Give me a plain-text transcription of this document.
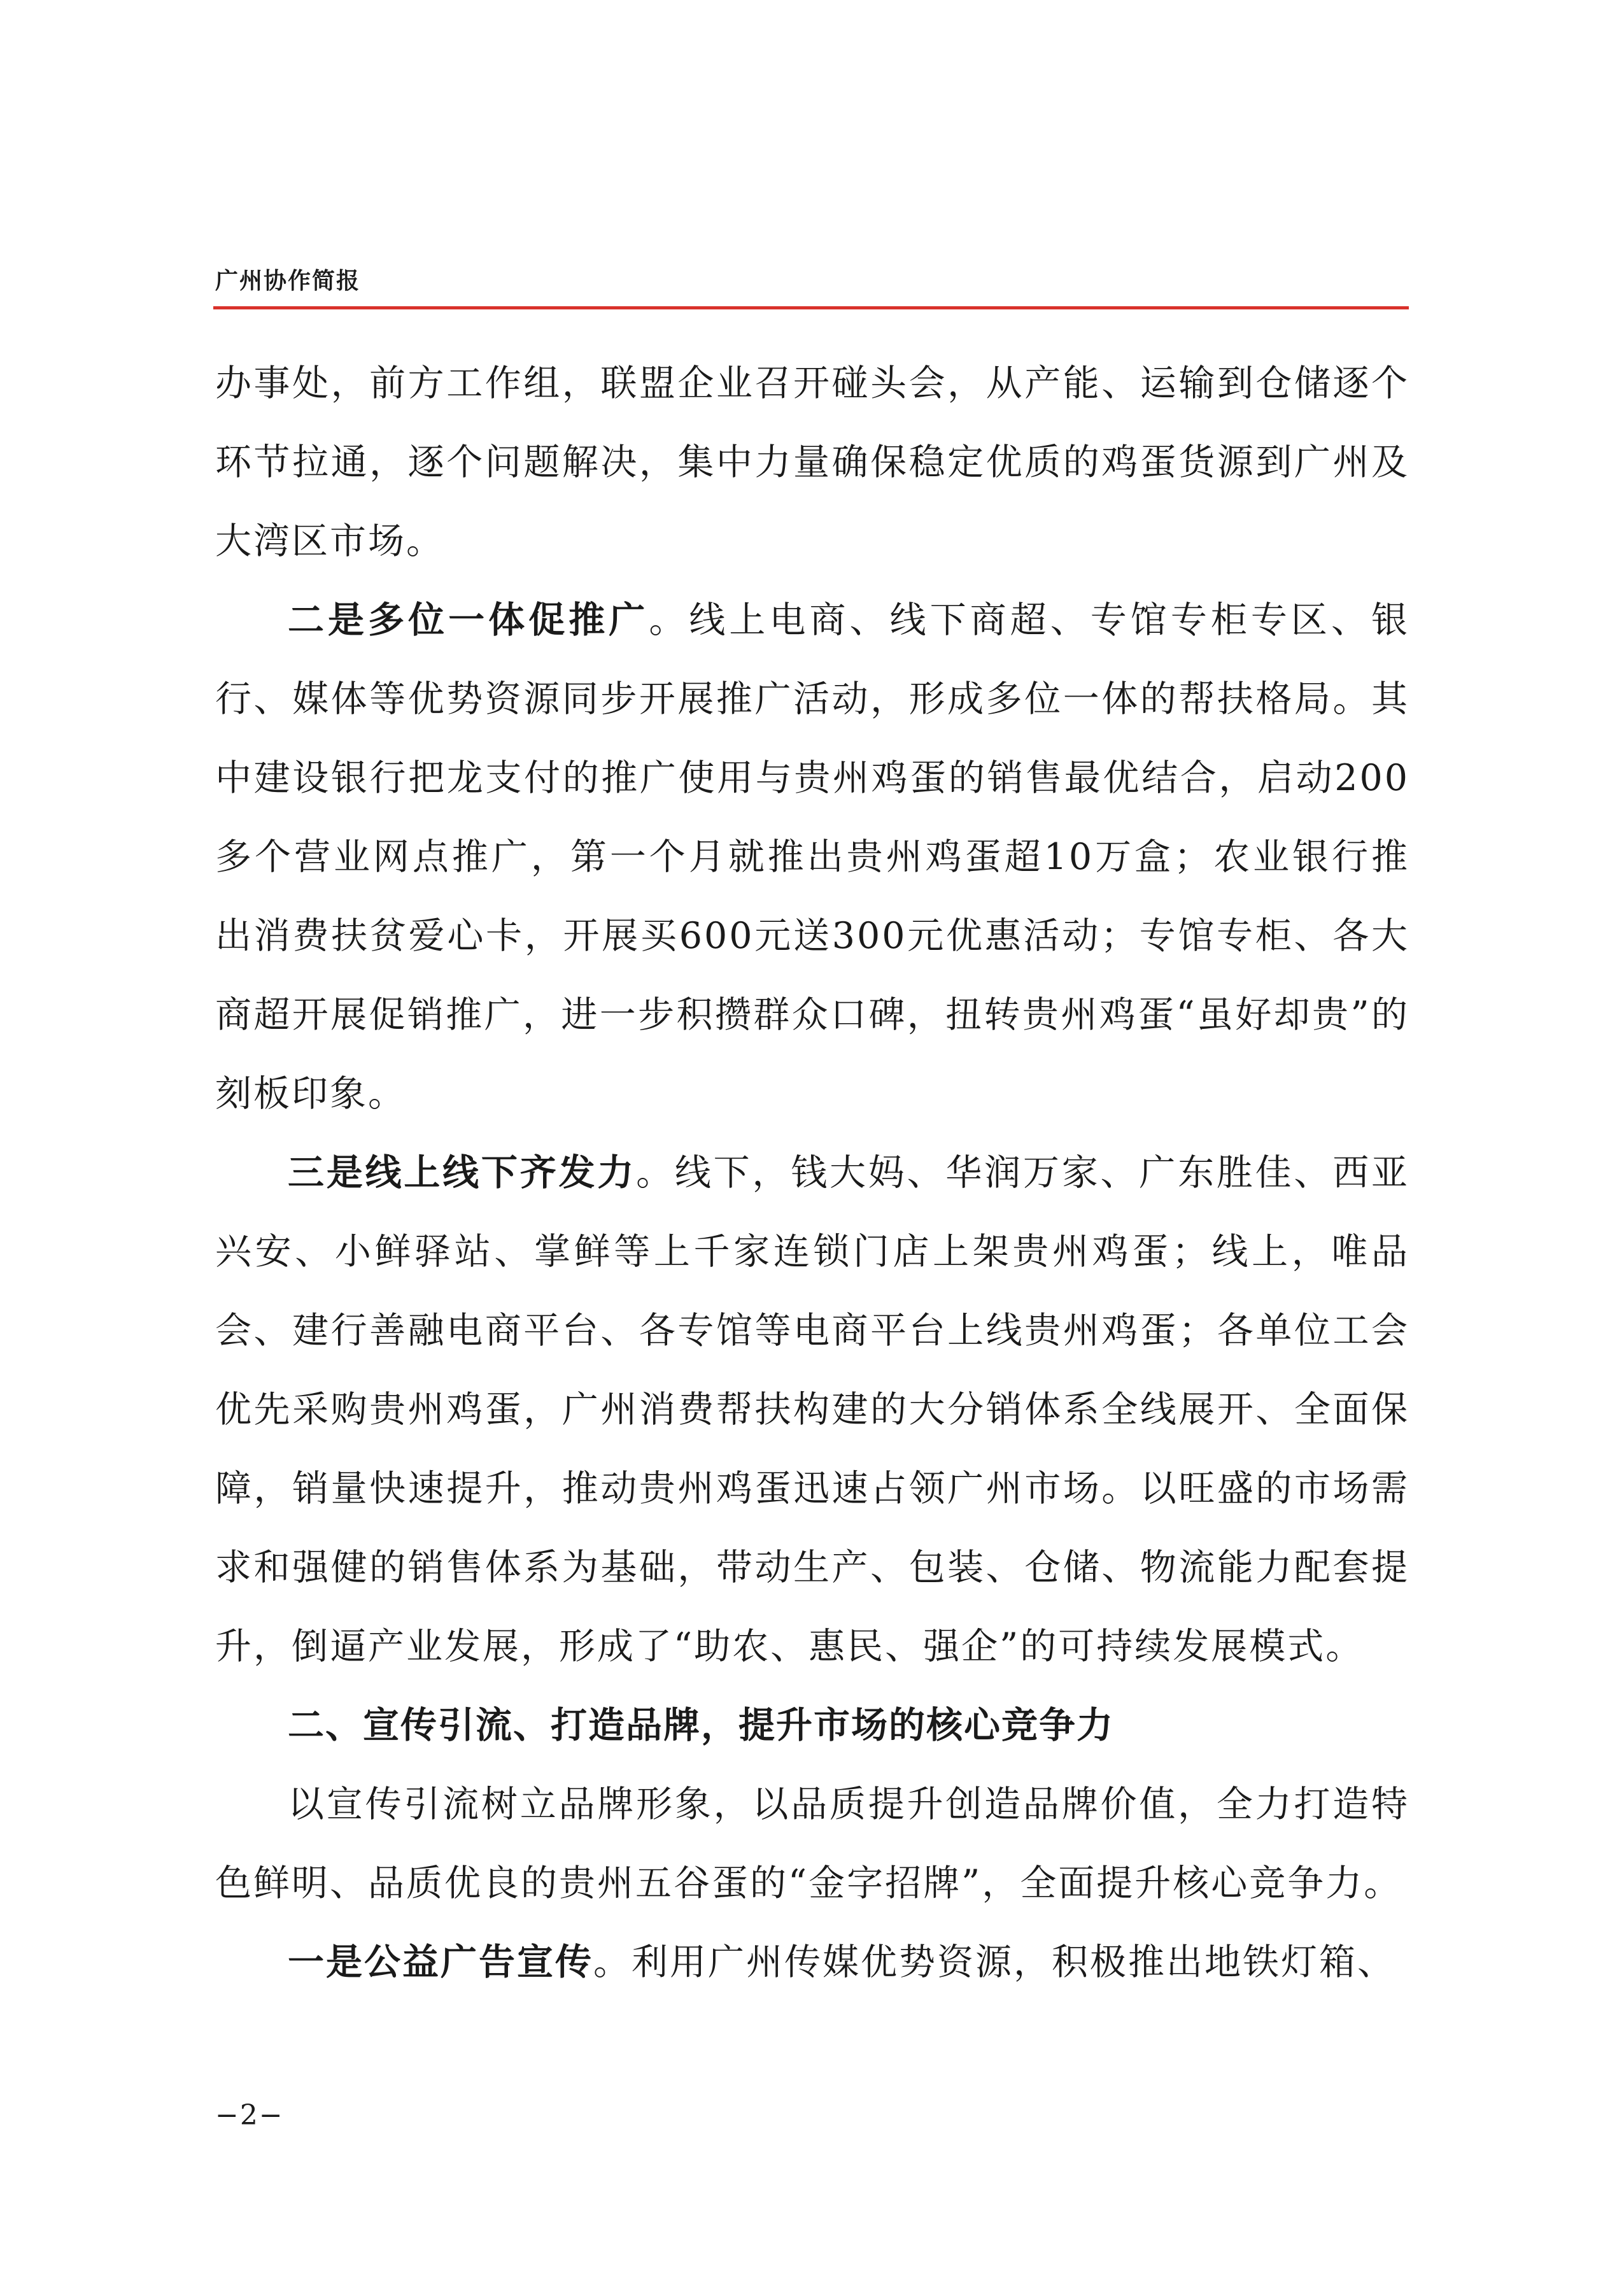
广州协作简报

办事处，前方工作组，联盟企业召开碰头会，从产能、运输到仓储逐个环节拉通，逐个问题解决，集中力量确保稳定优质的鸡蛋货源到广州及大湾区市场。

二是多位一体促推广。线上电商、线下商超、专馆专柜专区、银行、媒体等优势资源同步开展推广活动，形成多位一体的帮扶格局。其中建设银行把龙支付的推广使用与贵州鸡蛋的销售最优结合，启动200多个营业网点推广，第一个月就推出贵州鸡蛋超10万盒；农业银行推出消费扶贫爱心卡，开展买600元送300元优惠活动；专馆专柜、各大商超开展促销推广，进一步积攒群众口碑，扭转贵州鸡蛋“虽好却贵”的刻板印象。

三是线上线下齐发力。线下，钱大妈、华润万家、广东胜佳、西亚兴安、小鲜驿站、掌鲜等上千家连锁门店上架贵州鸡蛋；线上，唯品会、建行善融电商平台、各专馆等电商平台上线贵州鸡蛋；各单位工会优先采购贵州鸡蛋，广州消费帮扶构建的大分销体系全线展开、全面保障，销量快速提升，推动贵州鸡蛋迅速占领广州市场。以旺盛的市场需求和强健的销售体系为基础，带动生产、包装、仓储、物流能力配套提升，倒逼产业发展，形成了“助农、惠民、强企”的可持续发展模式。

二、宣传引流、打造品牌，提升市场的核心竞争力

以宣传引流树立品牌形象，以品质提升创造品牌价值，全力打造特色鲜明、品质优良的贵州五谷蛋的“金字招牌”，全面提升核心竞争力。

一是公益广告宣传。利用广州传媒优势资源，积极推出地铁灯箱、

−2−
